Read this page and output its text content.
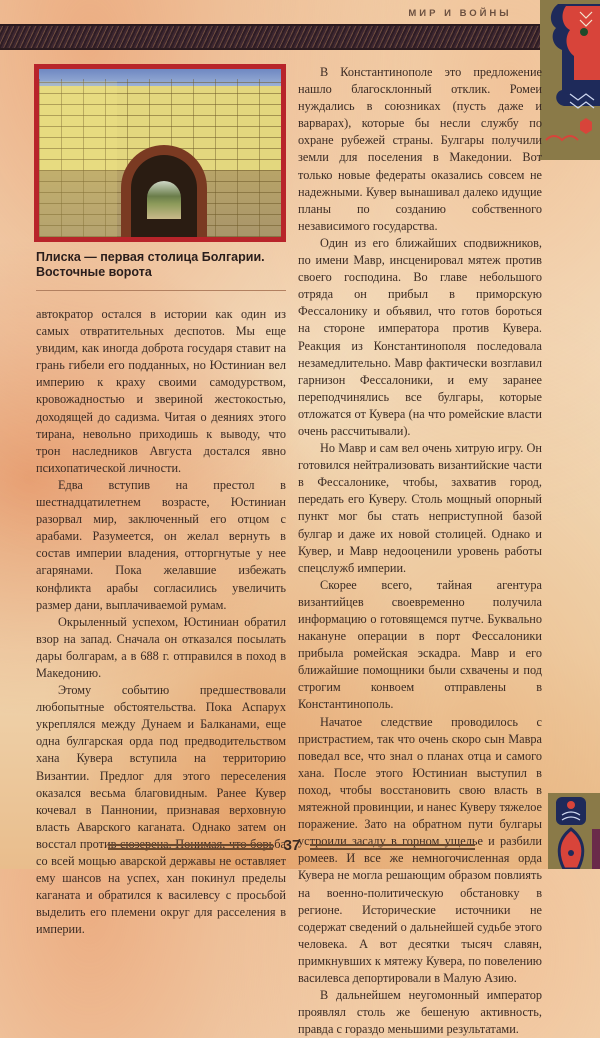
МИР И ВОЙНЫ
Плиска — первая столица Болгарии. Восточные ворота

автократор остался в истории как один из самых отвратительных деспотов. Мы еще увидим, как иногда доброта государя ставит на грань гибели его подданных, но Юстиниан вел империю к краху своими самодурством, кровожадностью и звериной жестокостью, доходящей до садизма. Читая о деяниях этого тирана, невольно приходишь к выводу, что трон наследников Августа достался явно психопатической личности.

Едва вступив на престол в шестнадцатилетнем возрасте, Юстиниан разорвал мир, заключенный его отцом с арабами. Разумеется, он желал вернуть в состав империи владения, отторгнутые у нее агарянами. Пока желавшие избежать конфликта арабы согласились увеличить размер дани, выплачиваемой румам.

Окрыленный успехом, Юстиниан обратил взор на запад. Сначала он отказался посылать дары болгарам, а в 688 г. отправился в поход в Македонию.

Этому событию предшествовали любопытные обстоятельства. Пока Аспарух укреплялся между Дунаем и Балканами, еще одна булгарская орда под предводительством хана Кувера вступила на территорию Византии. Предлог для этого переселения оказался весьма благовидным. Ранее Кувер кочевал в Паннонии, признавая верховную власть Аварского каганата. Однако затем он восстал против сюзерена. Понимая, что борьба со всей мощью аварской державы не оставляет ему шансов на успех, хан покинул пределы каганата и обратился к василевсу с просьбой выделить его племени округ для расселения в империи.

В Константинополе это предложение нашло благосклонный отклик. Ромеи нуждались в союзниках (пусть даже и варварах), которые бы несли службу по охране рубежей страны. Булгары получили земли для поселения в Македонии. Вот только новые федераты оказались совсем не надежными. Кувер вынашивал далеко идущие планы по созданию собственного независимого государства.

Один из его ближайших сподвижников, по имени Мавр, инсценировал мятеж против своего господина. Во главе небольшого отряда он прибыл в приморскую Фессалонику и объявил, что готов бороться на стороне императора против Кувера. Реакция из Константинополя последовала незамедлительно. Мавр фактически возглавил гарнизон Фессалоники, и ему заранее переподчинялись все булгары, которые отложатся от Кувера (на что ромейские власти очень рассчитывали).

Но Мавр и сам вел очень хитрую игру. Он готовился нейтрализовать византийские части в Фессалонике, чтобы, захватив город, передать его Куверу. Столь мощный опорный пункт мог бы стать неприступной базой булгар и даже их новой столицей. Однако и Кувер, и Мавр недооценили уровень работы спецслужб империи.

Скорее всего, тайная агентура византийцев своевременно получила информацию о готовящемся путче. Буквально накануне операции в порт Фессалоники прибыла ромейская эскадра. Мавр и его ближайшие помощники были схвачены и под строгим конвоем отправлены в Константинополь.

Начатое следствие проводилось с пристрастием, так что очень скоро сын Мавра поведал все, что знал о планах отца и самого хана. После этого Юстиниан выступил в поход, чтобы восстановить свою власть в мятежной провинции, и нанес Куверу тяжелое поражение. Зато на обратном пути булгары устроили засаду в горном ущелье и разбили ромеев. И все же немногочисленная орда Кувера не могла решающим образом повлиять на военно-политическую обстановку в регионе. Исторические источники не содержат сведений о дальнейшей судьбе этого человека. А вот десятки тысяч славян, примкнувших к мятежу Кувера, по повелению василевса депортировали в Малую Азию.

В дальнейшем неугомонный император проявлял столь же бешеную активность, правда с гораздо меньшими результатами.

37
